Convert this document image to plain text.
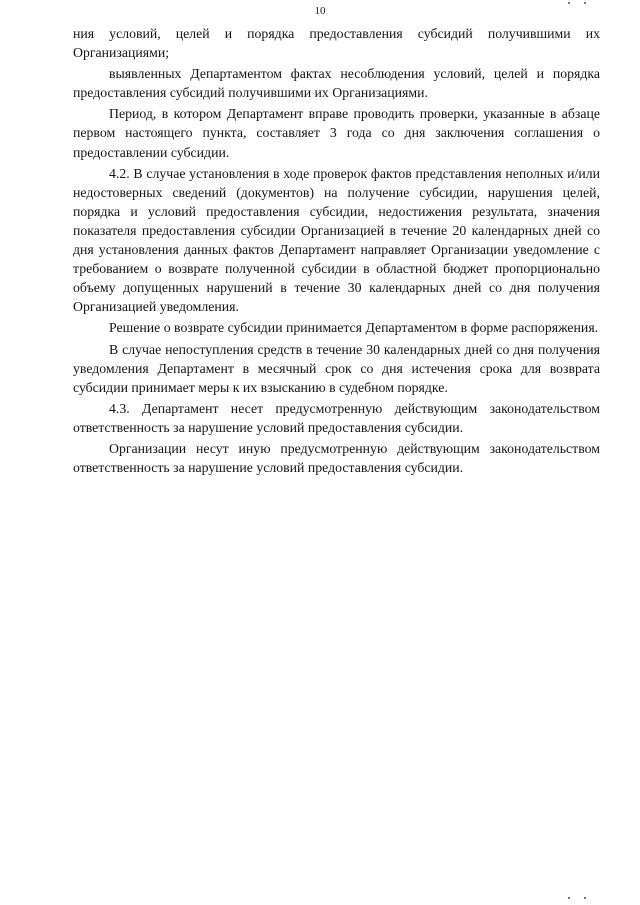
10

ния условий, целей и порядка предоставления субсидий получившими их Организациями;

выявленных Департаментом фактах несоблюдения условий, целей и порядка предоставления субсидий получившими их Организациями.

Период, в котором Департамент вправе проводить проверки, указанные в абзаце первом настоящего пункта, составляет 3 года со дня заключения соглашения о предоставлении субсидии.

4.2. В случае установления в ходе проверок фактов представления неполных и/или недостоверных сведений (документов) на получение субсидии, нарушения целей, порядка и условий предоставления субсидии, недостижения результата, значения показателя предоставления субсидии Организацией в течение 20 календарных дней со дня установления данных фактов Департамент направляет Организации уведомление с требованием о возврате полученной субсидии в областной бюджет пропорционально объему допущенных нарушений в течение 30 календарных дней со дня получения Организацией уведомления.

Решение о возврате субсидии принимается Департаментом в форме распоряжения.

В случае непоступления средств в течение 30 календарных дней со дня получения уведомления Департамент в месячный срок со дня истечения срока для возврата субсидии принимает меры к их взысканию в судебном порядке.

4.3. Департамент несет предусмотренную действующим законодательством ответственность за нарушение условий предоставления субсидии.

Организации несут иную предусмотренную действующим законодательством ответственность за нарушение условий предоставления субсидии.
